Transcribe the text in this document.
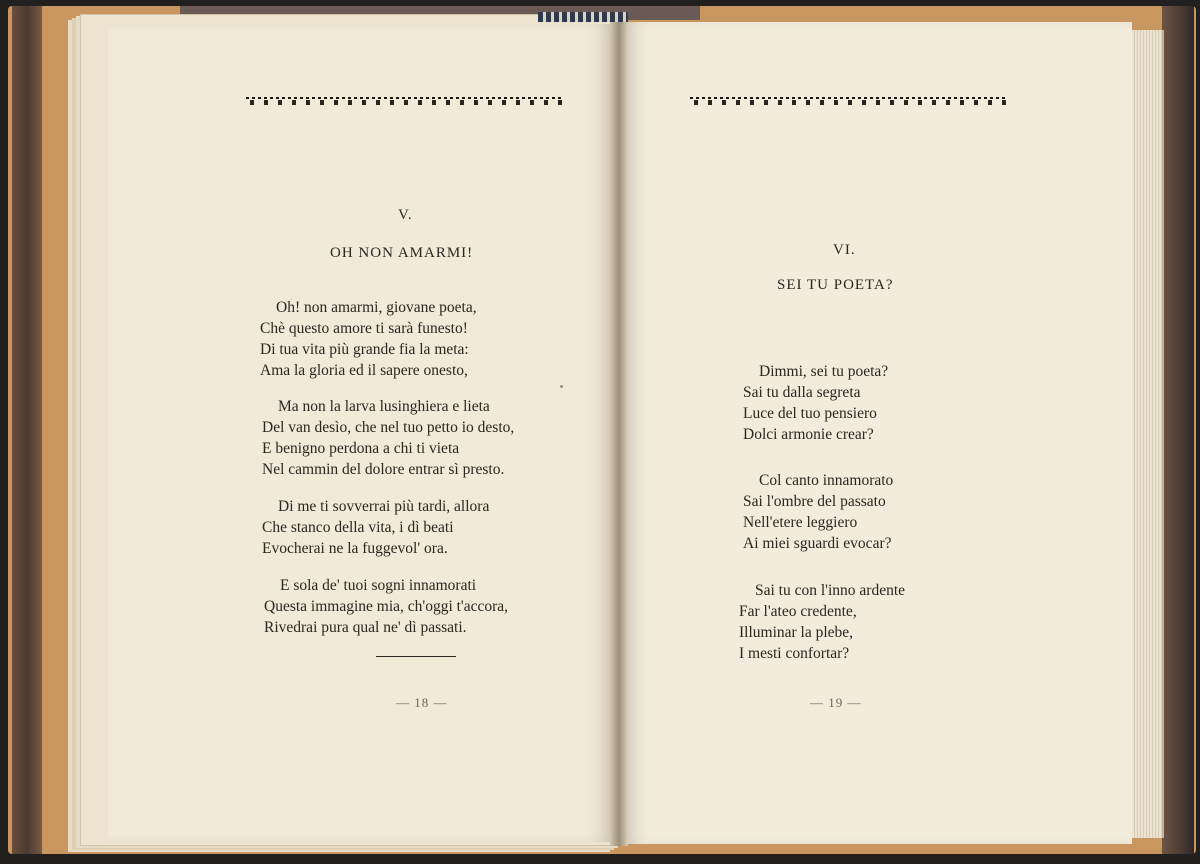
V.
OH NON AMARMI!
Oh! non amarmi, giovane poeta,
Chè questo amore ti sarà funesto!
Di tua vita più grande fia la meta:
Ama la gloria ed il sapere onesto,
Ma non la larva lusinghiera e lieta
Del van desìo, che nel tuo petto io desto,
E benigno perdona a chi ti vieta
Nel cammin del dolore entrar sì presto.
Di me ti sovverrai più tardi, allora
Che stanco della vita, i dì beati
Evocherai ne la fuggevol' ora.
E sola de' tuoi sogni innamorati
Questa immagine mia, ch'oggi t'accora,
Rivedrai pura qual ne' dì passati.
— 18 —
VI.
SEI TU POETA?
Dimmi, sei tu poeta?
Sai tu dalla segreta
Luce del tuo pensiero
Dolci armonie crear?
Col canto innamorato
Sai l'ombre del passato
Nell'etere leggiero
Ai miei sguardi evocar?
Sai tu con l'inno ardente
Far l'ateo credente,
Illuminar la plebe,
I mesti confortar?
— 19 —
